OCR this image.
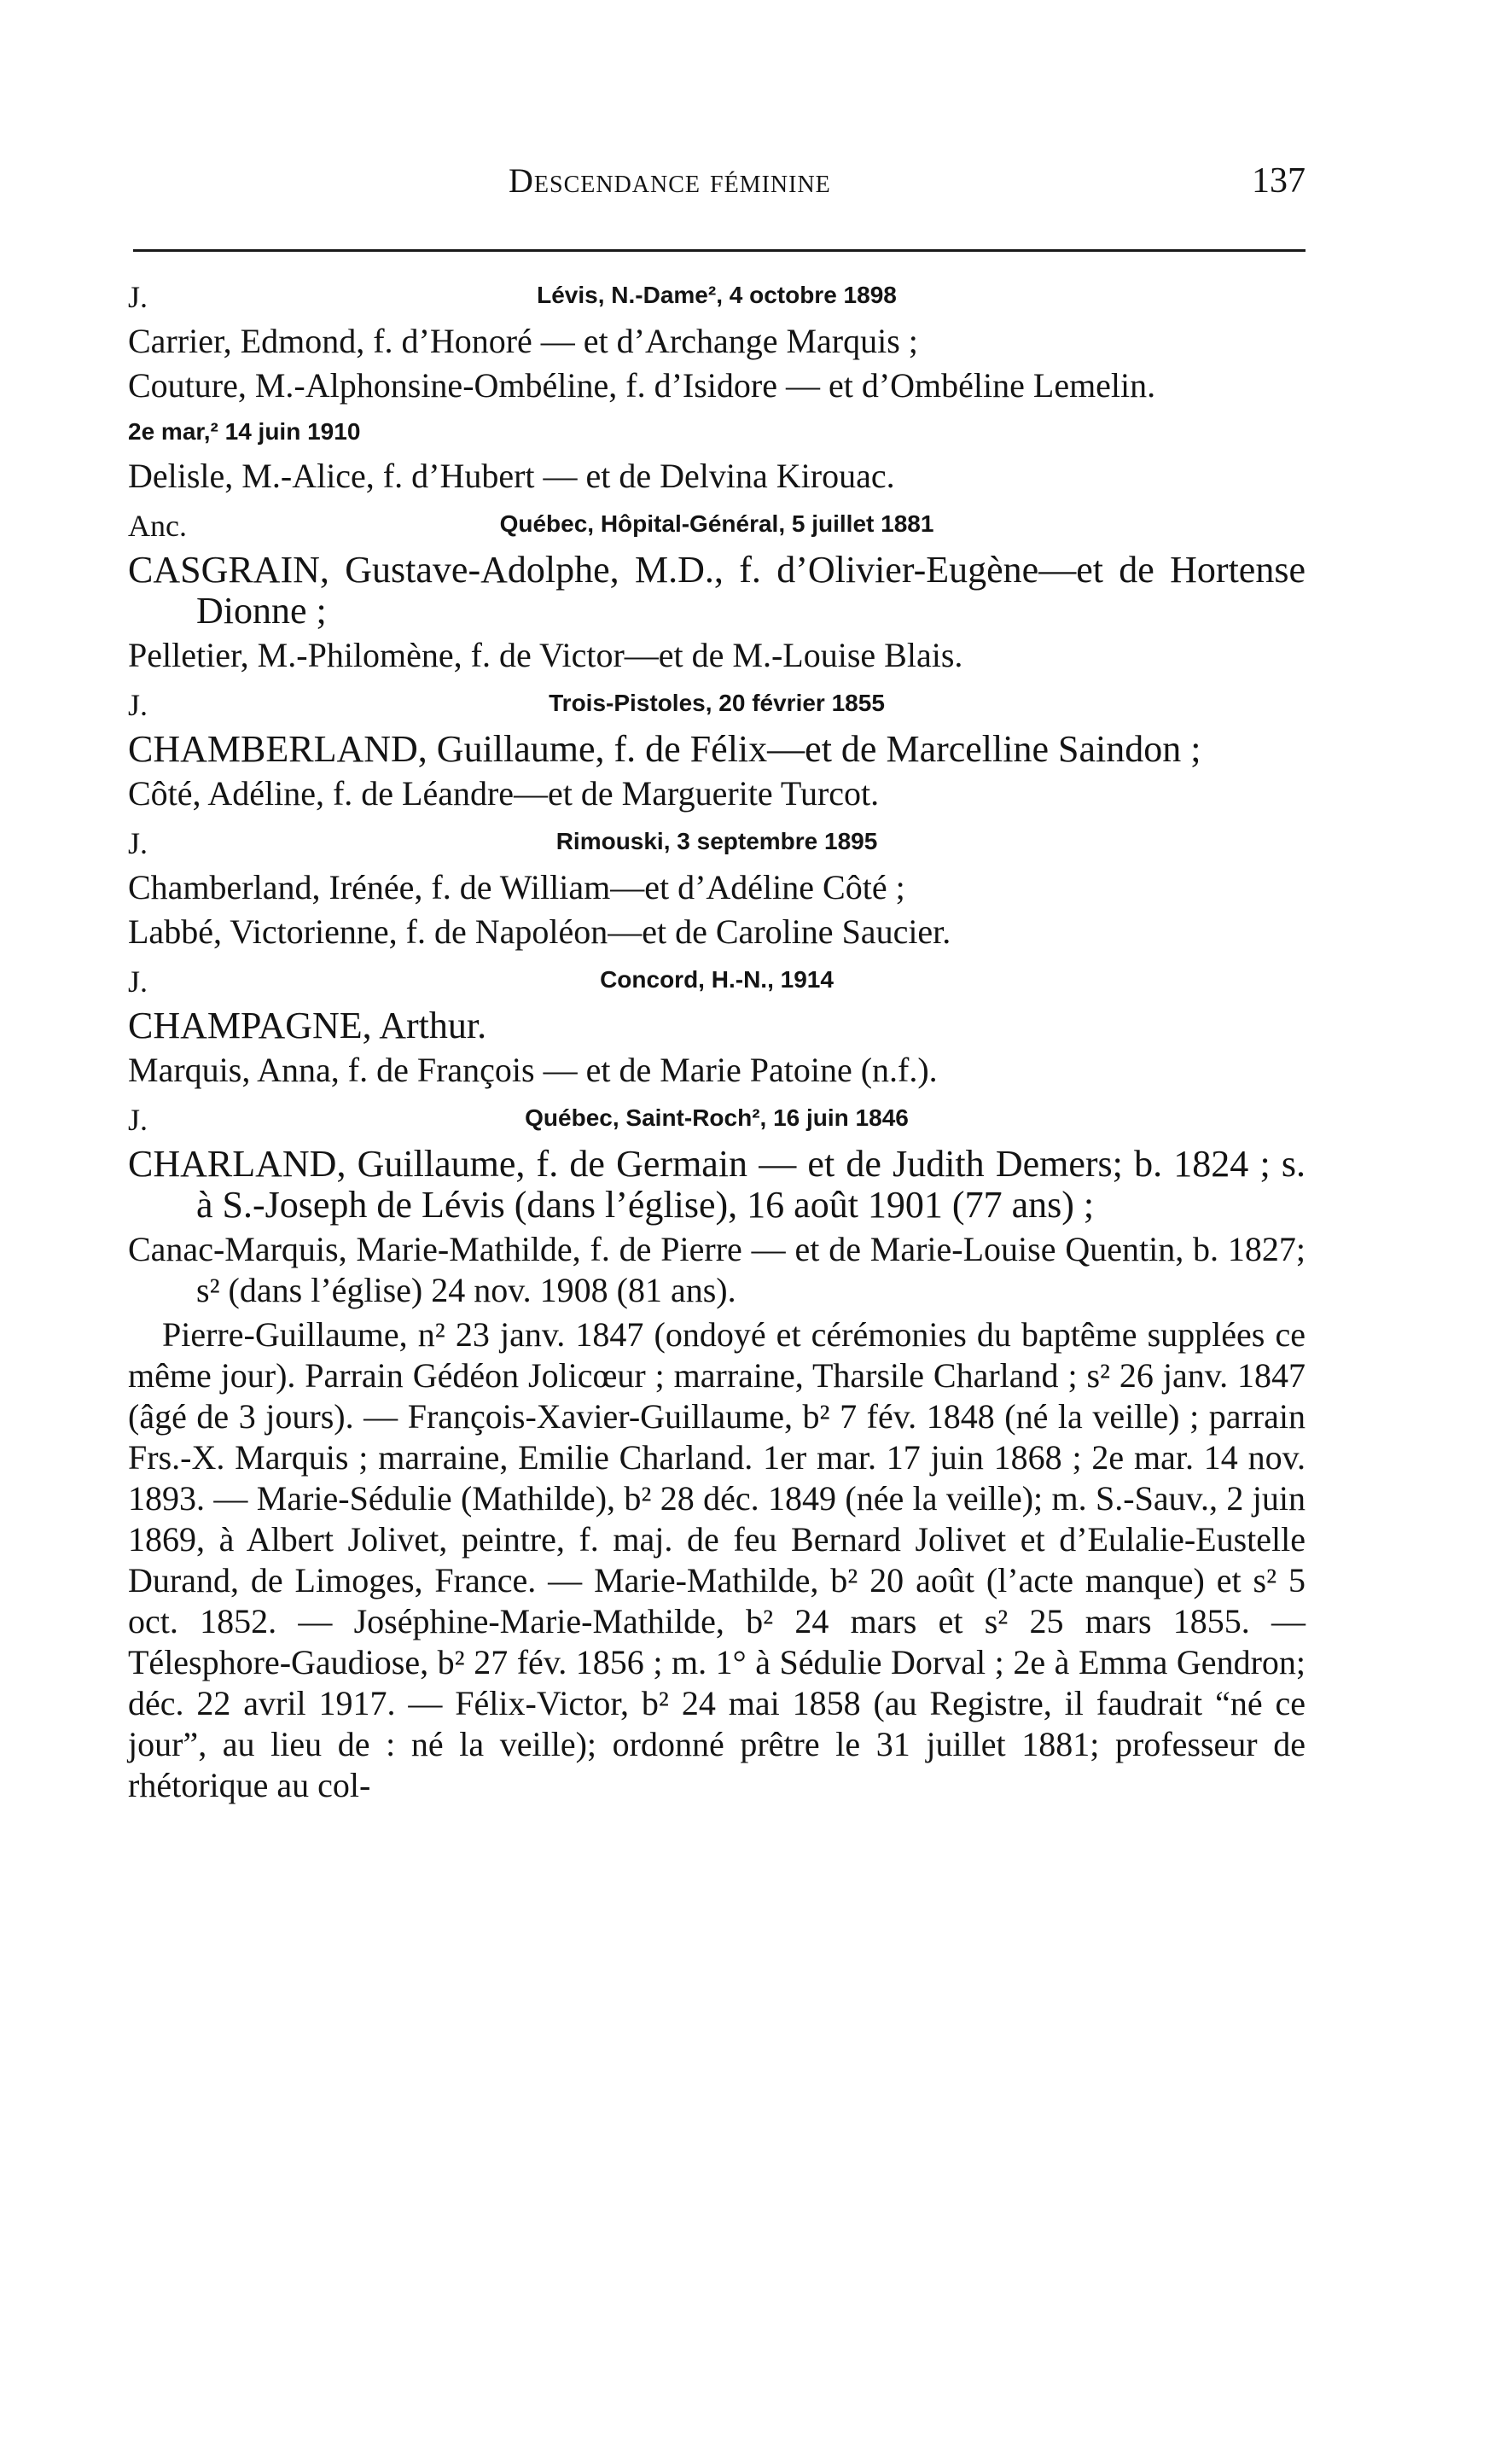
Descendance féminine	137
J.	Lévis, N.-Dame², 4 octobre 1898

Carrier, Edmond, f. d’Honoré — et d’Archange Marquis ;

Couture, M.-Alphonsine-Ombéline, f. d’Isidore — et d’Ombéline Lemelin.

2e mar,² 14 juin 1910

Delisle, M.-Alice, f. d’Hubert — et de Delvina Kirouac.

Anc.	Québec, Hôpital-Général, 5 juillet 1881

CASGRAIN, Gustave-Adolphe, M.D., f. d’Olivier-Eugène—et de Hortense Dionne ;

Pelletier, M.-Philomène, f. de Victor—et de M.-Louise Blais.

J.	Trois-Pistoles, 20 février 1855

CHAMBERLAND, Guillaume, f. de Félix—et de Marcelline Saindon ;

Côté, Adéline, f. de Léandre—et de Marguerite Turcot.

J.	Rimouski, 3 septembre 1895

Chamberland, Irénée, f. de William—et d’Adéline Côté ;

Labbé, Victorienne, f. de Napoléon—et de Caroline Saucier.

J.	Concord, H.-N., 1914

CHAMPAGNE, Arthur.

Marquis, Anna, f. de François — et de Marie Patoine (n.f.).

J.	Québec, Saint-Roch², 16 juin 1846

CHARLAND, Guillaume, f. de Germain — et de Judith Demers; b. 1824 ; s. à S.-Joseph de Lévis (dans l’église), 16 août 1901 (77 ans) ;

Canac-Marquis, Marie-Mathilde, f. de Pierre — et de Marie-Louise Quentin, b. 1827; s² (dans l’église) 24 nov. 1908 (81 ans).

Pierre-Guillaume, n² 23 janv. 1847 (ondoyé et cérémonies du baptême supplées ce même jour). Parrain Gédéon Jolicœur ; marraine, Tharsile Charland ; s² 26 janv. 1847 (âgé de 3 jours). — François-Xavier-Guillaume, b² 7 fév. 1848 (né la veille) ; parrain Frs.-X. Marquis ; marraine, Emilie Charland. 1er mar. 17 juin 1868 ; 2e mar. 14 nov. 1893. — Marie-Sédulie (Mathilde), b² 28 déc. 1849 (née la veille); m. S.-Sauv., 2 juin 1869, à Albert Jolivet, peintre, f. maj. de feu Bernard Jolivet et d’Eulalie-Eustelle Durand, de Limoges, France. — Marie-Mathilde, b² 20 août (l’acte manque) et s² 5 oct. 1852. — Joséphine-Marie-Mathilde, b² 24 mars et s² 25 mars 1855. — Télesphore-Gaudiose, b² 27 fév. 1856 ; m. 1° à Sédulie Dorval ; 2e à Emma Gendron; déc. 22 avril 1917. — Félix-Victor, b² 24 mai 1858 (au Registre, il faudrait “né ce jour”, au lieu de : né la veille); ordonné prêtre le 31 juillet 1881; professeur de rhétorique au col-
